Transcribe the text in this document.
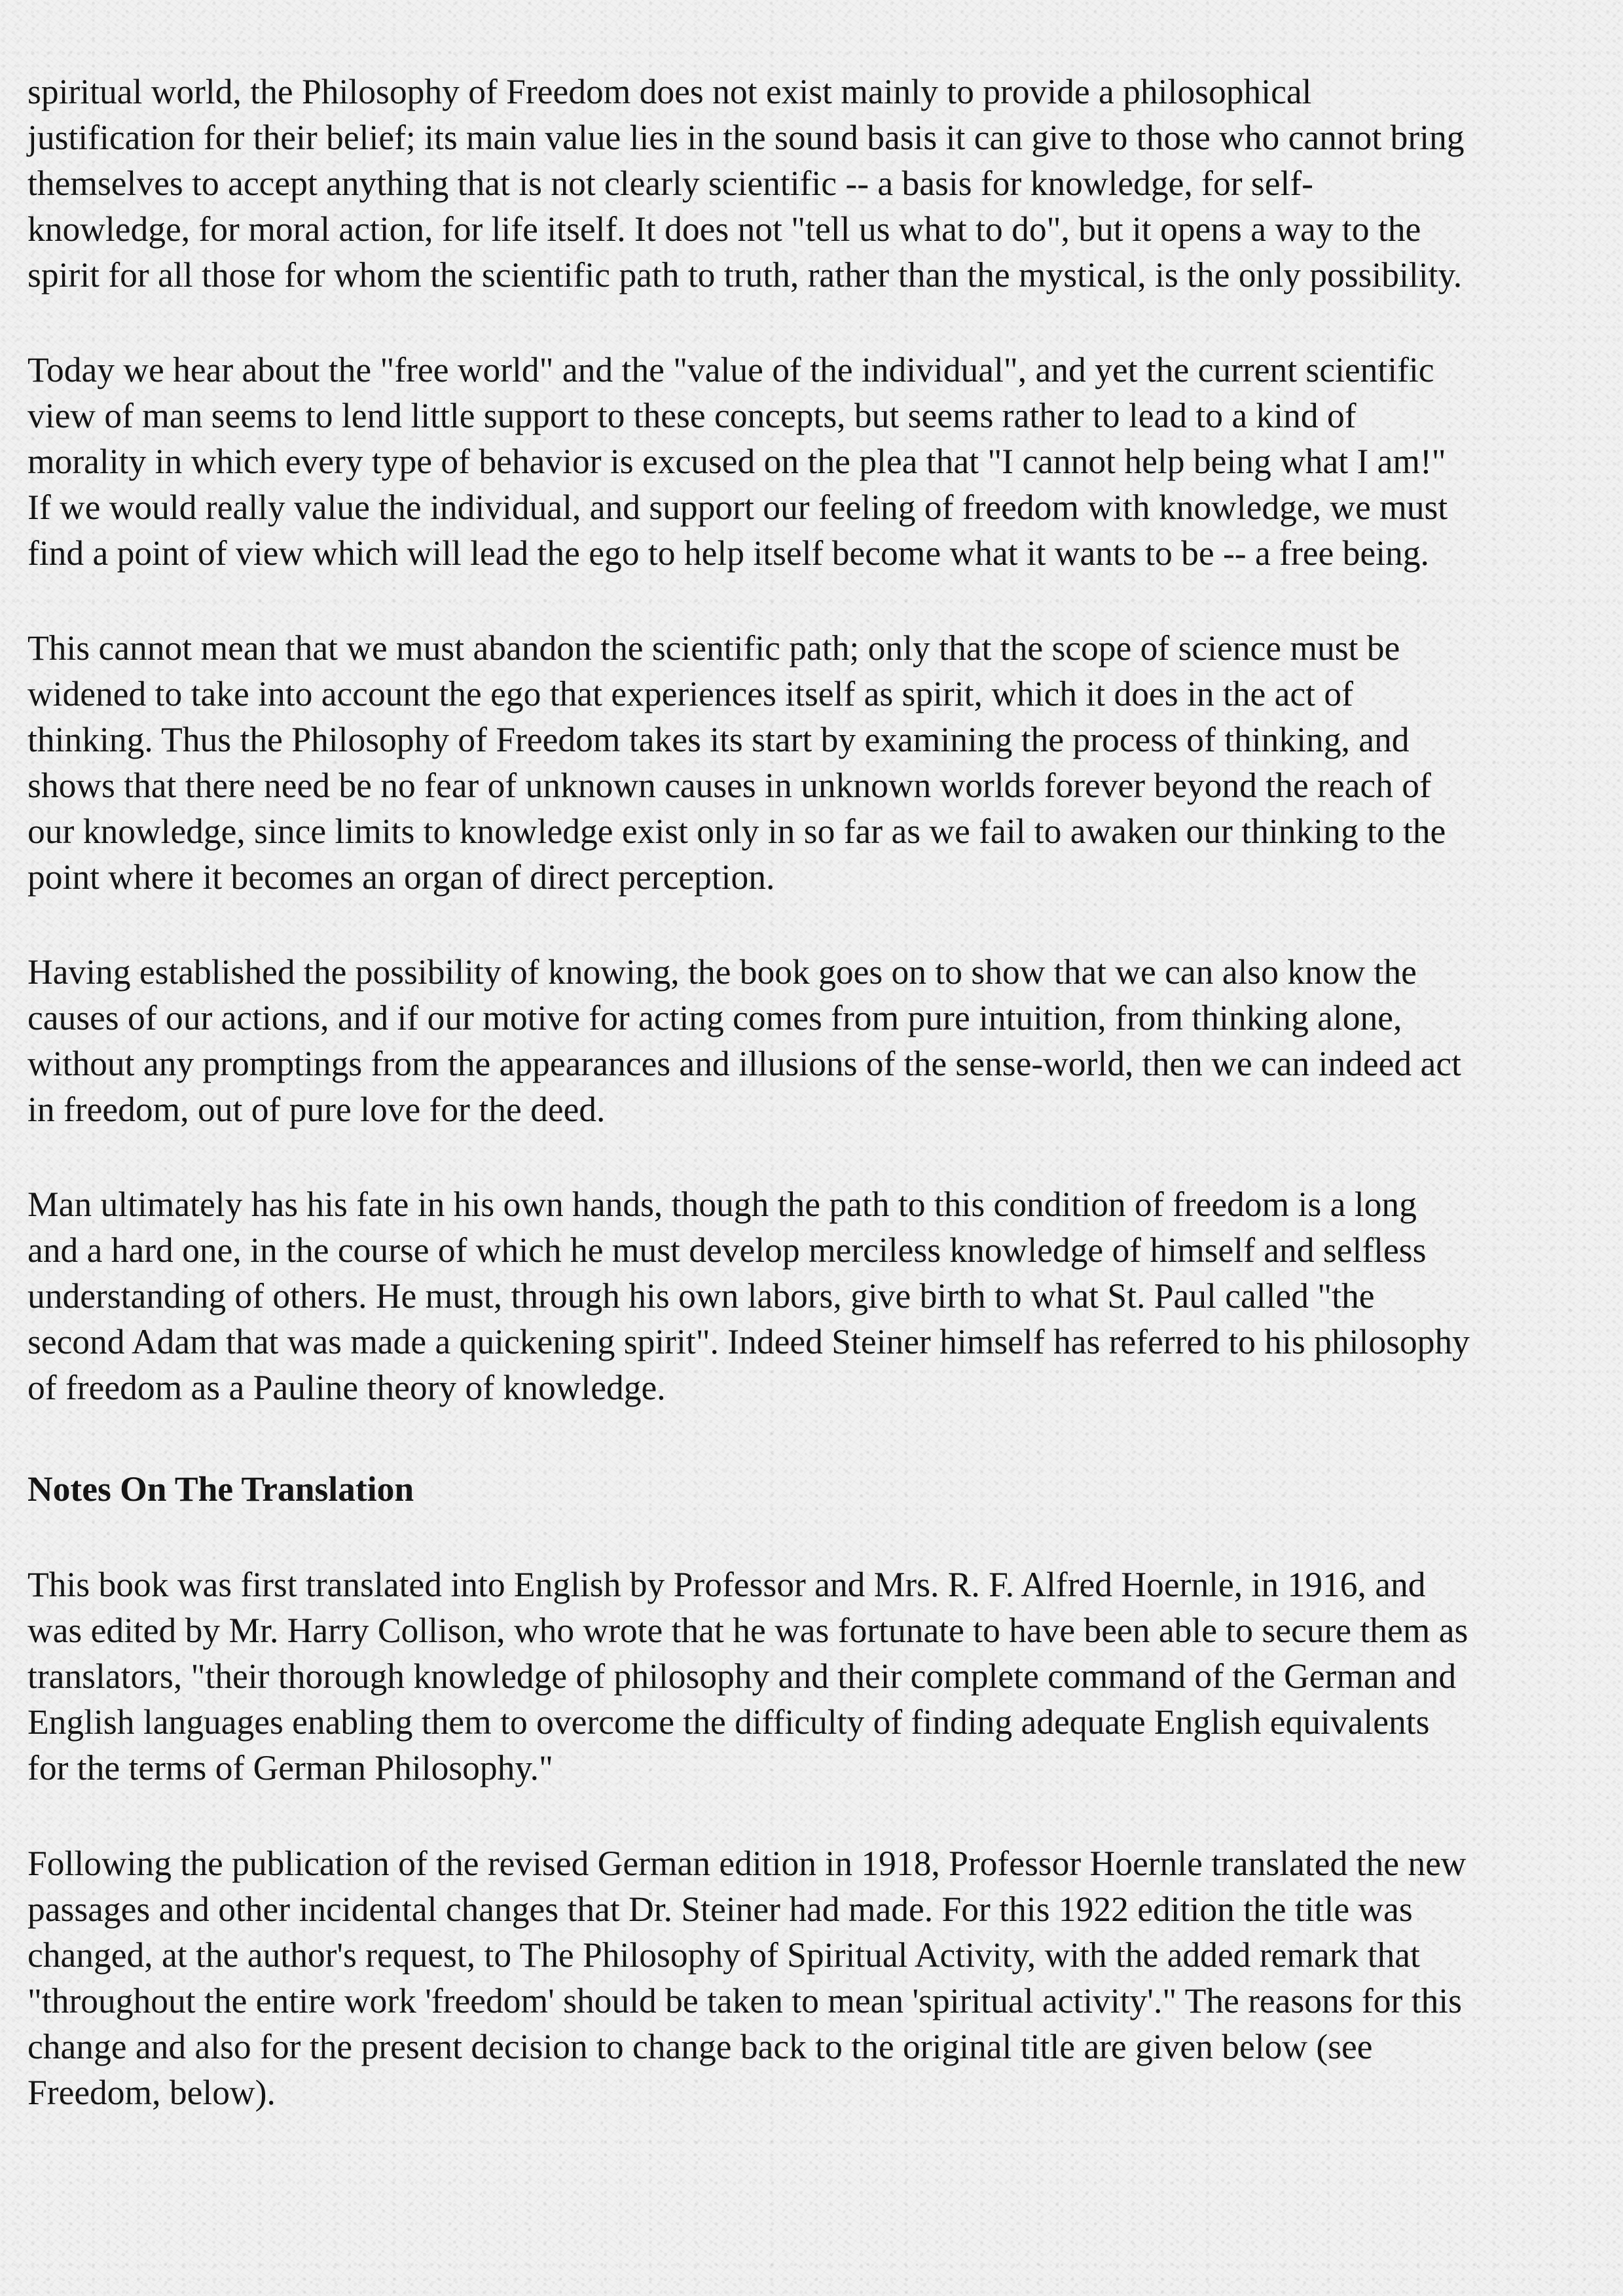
spiritual world, the Philosophy of Freedom does not exist mainly to provide a philosophical
justification for their belief; its main value lies in the sound basis it can give to those who cannot bring
themselves to accept anything that is not clearly scientific -- a basis for knowledge, for self-
knowledge, for moral action, for life itself. It does not "tell us what to do", but it opens a way to the
spirit for all those for whom the scientific path to truth, rather than the mystical, is the only possibility.
Today we hear about the "free world" and the "value of the individual", and yet the current scientific
view of man seems to lend little support to these concepts, but seems rather to lead to a kind of
morality in which every type of behavior is excused on the plea that "I cannot help being what I am!"
If we would really value the individual, and support our feeling of freedom with knowledge, we must
find a point of view which will lead the ego to help itself become what it wants to be -- a free being.
This cannot mean that we must abandon the scientific path; only that the scope of science must be
widened to take into account the ego that experiences itself as spirit, which it does in the act of
thinking. Thus the Philosophy of Freedom takes its start by examining the process of thinking, and
shows that there need be no fear of unknown causes in unknown worlds forever beyond the reach of
our knowledge, since limits to knowledge exist only in so far as we fail to awaken our thinking to the
point where it becomes an organ of direct perception.
Having established the possibility of knowing, the book goes on to show that we can also know the
causes of our actions, and if our motive for acting comes from pure intuition, from thinking alone,
without any promptings from the appearances and illusions of the sense-world, then we can indeed act
in freedom, out of pure love for the deed.
Man ultimately has his fate in his own hands, though the path to this condition of freedom is a long
and a hard one, in the course of which he must develop merciless knowledge of himself and selfless
understanding of others. He must, through his own labors, give birth to what St. Paul called "the
second Adam that was made a quickening spirit". Indeed Steiner himself has referred to his philosophy
of freedom as a Pauline theory of knowledge.
Notes On The Translation
This book was first translated into English by Professor and Mrs. R. F. Alfred Hoernle, in 1916, and
was edited by Mr. Harry Collison, who wrote that he was fortunate to have been able to secure them as
translators, "their thorough knowledge of philosophy and their complete command of the German and
English languages enabling them to overcome the difficulty of finding adequate English equivalents
for the terms of German Philosophy."
Following the publication of the revised German edition in 1918, Professor Hoernle translated the new
passages and other incidental changes that Dr. Steiner had made. For this 1922 edition the title was
changed, at the author's request, to The Philosophy of Spiritual Activity, with the added remark that
"throughout the entire work 'freedom' should be taken to mean 'spiritual activity'." The reasons for this
change and also for the present decision to change back to the original title are given below (see
Freedom, below).
